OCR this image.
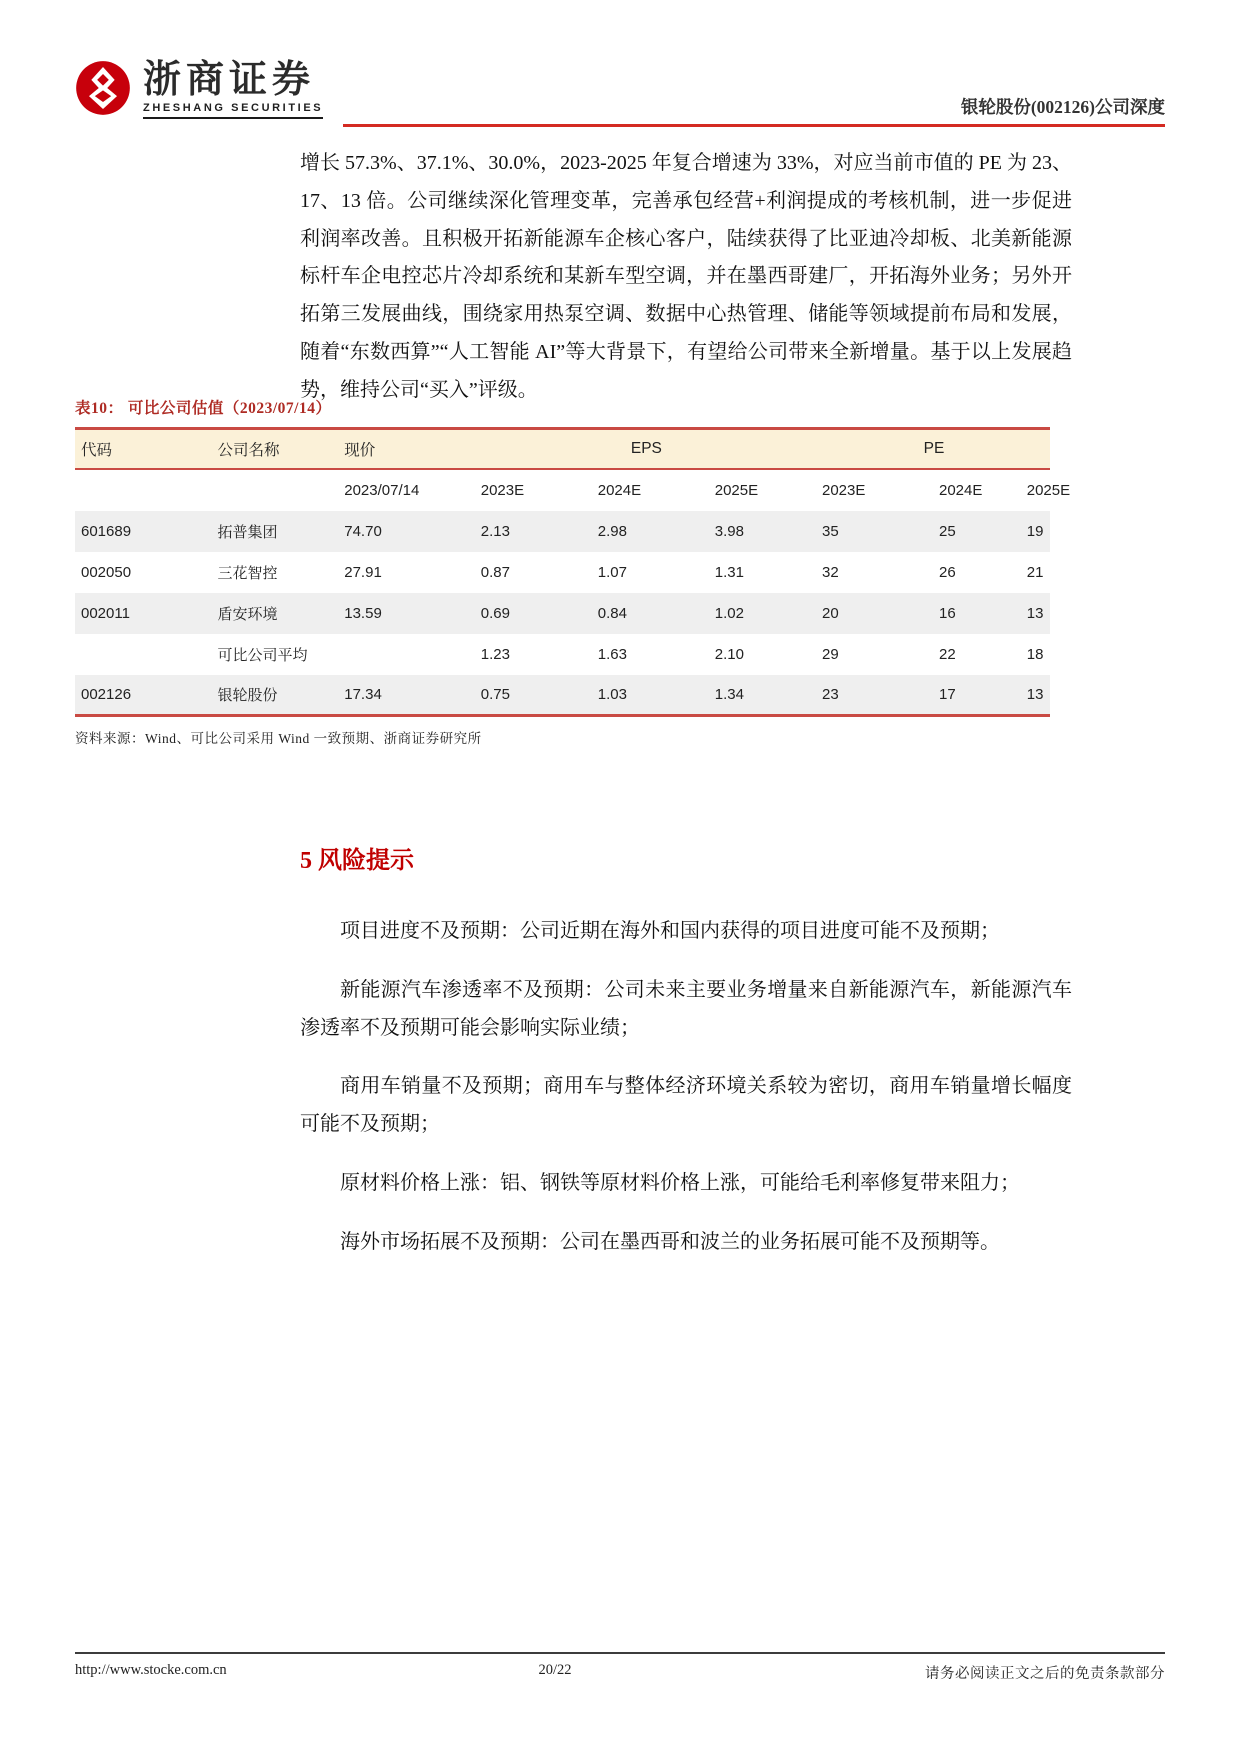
浙商证券
ZHESHANG SECURITIES	银轮股份(002126)公司深度
增长 57.3%、37.1%、30.0%，2023-2025 年复合增速为 33%，对应当前市值的 PE 为 23、17、13 倍。公司继续深化管理变革，完善承包经营+利润提成的考核机制，进一步促进利润率改善。且积极开拓新能源车企核心客户，陆续获得了比亚迪冷却板、北美新能源标杆车企电控芯片冷却系统和某新车型空调，并在墨西哥建厂，开拓海外业务；另外开拓第三发展曲线，围绕家用热泵空调、数据中心热管理、储能等领域提前布局和发展，随着“东数西算”“人工智能 AI”等大背景下，有望给公司带来全新增量。基于以上发展趋势，维持公司“买入”评级。
表10： 可比公司估值（2023/07/14）
代码	公司名称	现价	EPS			PE		
		2023/07/14	2023E	2024E	2025E	2023E	2024E	2025E
601689	拓普集团	74.70	2.13	2.98	3.98	35	25	19
002050	三花智控	27.91	0.87	1.07	1.31	32	26	21
002011	盾安环境	13.59	0.69	0.84	1.02	20	16	13
	可比公司平均		1.23	1.63	2.10	29	22	18
002126	银轮股份	17.34	0.75	1.03	1.34	23	17	13
资料来源：Wind、可比公司采用 Wind 一致预期、浙商证券研究所
5 风险提示

项目进度不及预期：公司近期在海外和国内获得的项目进度可能不及预期；

新能源汽车渗透率不及预期：公司未来主要业务增量来自新能源汽车，新能源汽车渗透率不及预期可能会影响实际业绩；

商用车销量不及预期；商用车与整体经济环境关系较为密切，商用车销量增长幅度可能不及预期；

原材料价格上涨：铝、钢铁等原材料价格上涨，可能给毛利率修复带来阻力；

海外市场拓展不及预期：公司在墨西哥和波兰的业务拓展可能不及预期等。

http://www.stocke.com.cn	20/22	请务必阅读正文之后的免责条款部分
